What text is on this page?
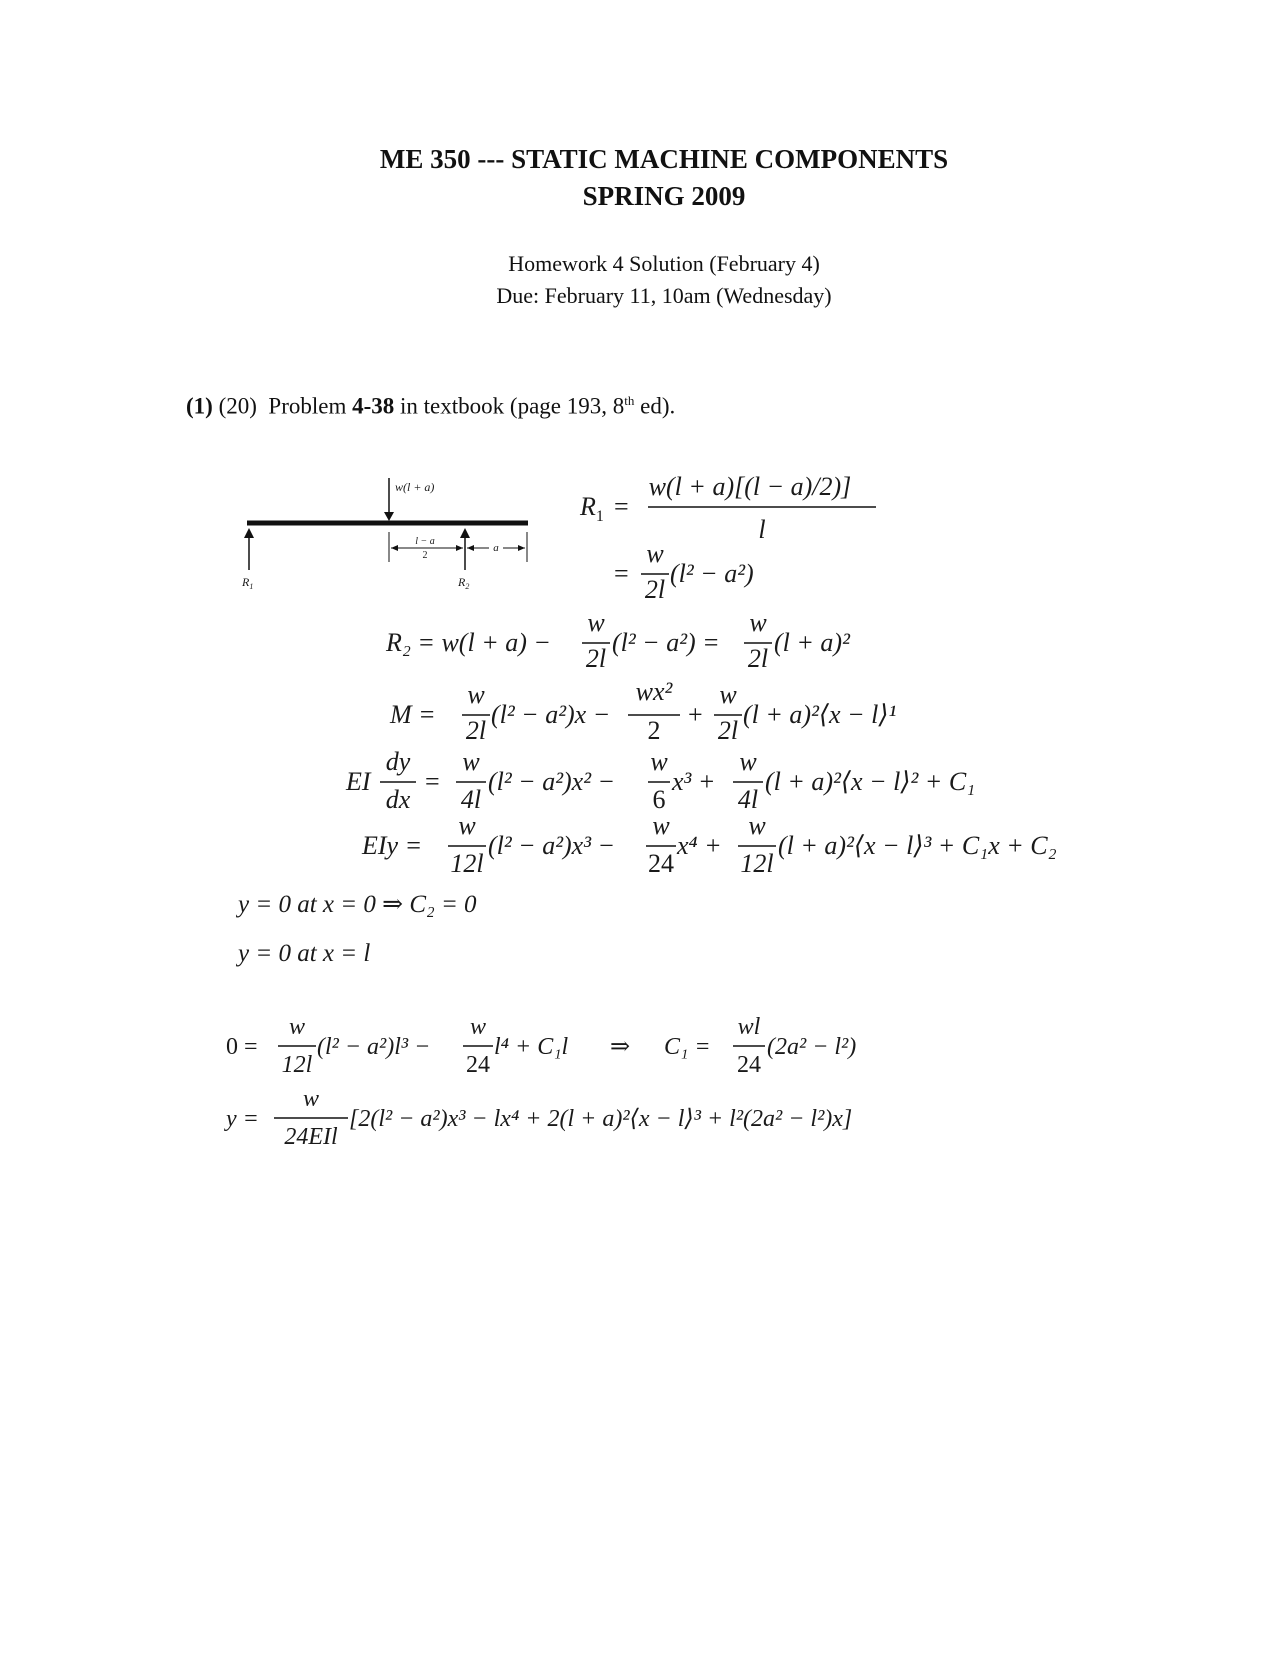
ME 350 --- STATIC MACHINE COMPONENTS
SPRING 2009
Homework 4 Solution (February 4)
Due: February 11, 10am (Wednesday)
(1) (20) Problem 4-38 in textbook (page 193, 8th ed).
w(l + a)
$R_1$	$R_2$
l − a
2
a
$R_1$ =
w(l + a)[(l − a)/2)]
l
=
w
2l
(l² − a²)
R₂ = w(l + a) −
w
2l
(l² − a²) =
w
2l
(l + a)²
M =
w
2l
(l² − a²)x −
wx²
2
+
w
2l
(l + a)²⟨x − l⟩¹
EI
dy
dx
=
w
4l
(l² − a²)x² −
w
6
x³ +
w
4l
(l + a)²⟨x − l⟩² + C₁
EIy =
w
12l
(l² − a²)x³ −
w
24
x⁴ +
w
12l
(l + a)²⟨x − l⟩³ + C₁x + C₂
y = 0 at x = 0 ⇒ C₂ = 0
y = 0 at x = l
0 =
w
12l
(l² − a²)l³ −
w
24
l⁴ + C₁l ⇒ C₁ =
wl
24
(2a² − l²)
y =
w
24EIl
[2(l² − a²)x³ − lx⁴ + 2(l + a)²⟨x − l⟩³ + l²(2a² − l²)x]
